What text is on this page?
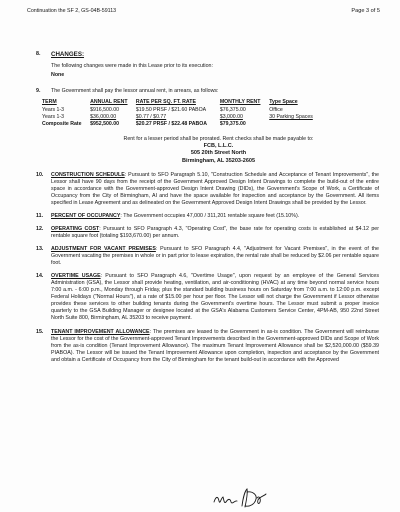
Continuation the SF 2, GS-04B-59113	Page 3 of 5
8.	CHANGES:
The following changes were made in this Lease prior to its execution:
None
9.	The Government shall pay the lessor annual rent, in arrears, as follows:
TERM	ANNUAL RENT	RATE PER SQ. FT. RATE	MONTHLY RENT	Type Space
Years 1-3	$916,500.00	$19.50 PRSF / $21.60 PABOA	$76,375.00	Office
Years 1-3	$36,000.00	$0.77 / $0.77	$3,000.00	30 Parking Spaces
Composite Rate	$952,500.00	$20.27 PRSF / $22.48 PABOA	$79,375.00	
Rent for a lesser period shall be prorated. Rent checks shall be made payable to:
FCB, L.L.C.
505 20th Street North
Birmingham, AL 35203-2605
10.	CONSTRUCTION SCHEDULE: Pursuant to SFO Paragraph 5.10, "Construction Schedule and Acceptance of Tenant Improvements", the Lessor shall have 90 days from the receipt of the Government Approved Design Intent Drawings to complete the build-out of the entire space in accordance with the Government-approved Design Intent Drawing (DIDs), the Government's Scope of Work, a Certificate of Occupancy from the City of Birmingham, AI and have the space available for inspection and acceptance by the Government. All items specified in Lease Agreement and as delineated on the Government Approved Design Intent Drawings shall be provided by the Lessor.
11.	PERCENT OF OCCUPANCY: The Government occupies 47,000 / 311,201 rentable square feet (15.10%).
12.	OPERATING COST: Pursuant to SFO Paragraph 4.3, "Operating Cost", the base rate for operating costs is established at $4.12 per rentable square foot (totaling $193,670.00) per annum.
13.	ADJUSTMENT FOR VACANT PREMISES: Pursuant to SFO Paragraph 4.4, "Adjustment for Vacant Premises", in the event of the Government vacating the premises in whole or in part prior to lease expiration, the rental rate shall be reduced by $2.06 per rentable square foot.
14.	OVERTIME USAGE: Pursuant to SFO Paragraph 4.6, "Overtime Usage", upon request by an employee of the General Services Administration (GSA), the Lessor shall provide heating, ventilation, and air-conditioning (HVAC) at any time beyond normal service hours 7:00 a.m. - 6:00 p.m., Monday through Friday, plus the standard building business hours on Saturday from 7:00 a.m. to 12:00 p.m. except Federal Holidays ("Normal Hours"), at a rate of $15.00 per hour per floor. The Lessor will not charge the Government if Lessor otherwise provides these services to other building tenants during the Government's overtime hours. The Lessor must submit a proper invoice quarterly to the GSA Building Manager or designee located at the GSA's Alabama Customers Service Center, 4PM-AB, 950 22nd Street North Suite 800, Birmingham, AL 35203 to receive payment.
15.	TENANT IMPROVEMENT ALLOWANCE: The premises are leased to the Government in as-is condition. The Government will reimburse the Lessor for the cost of the Government-approved Tenant Improvements described in the Government-approved DIDs and Scope of Work from the as-is condition (Tenant Improvement Allowance). The maximum Tenant Improvement Allowance shall be $2,520,000.00 ($59.39 PIABOA). The Lessor will be issued the Tenant Improvement Allowance upon completion, inspection and acceptance by the Government and obtain a Certificate of Occupancy from the City of Birmingham for the tenant build-out in accordance with the Approved
